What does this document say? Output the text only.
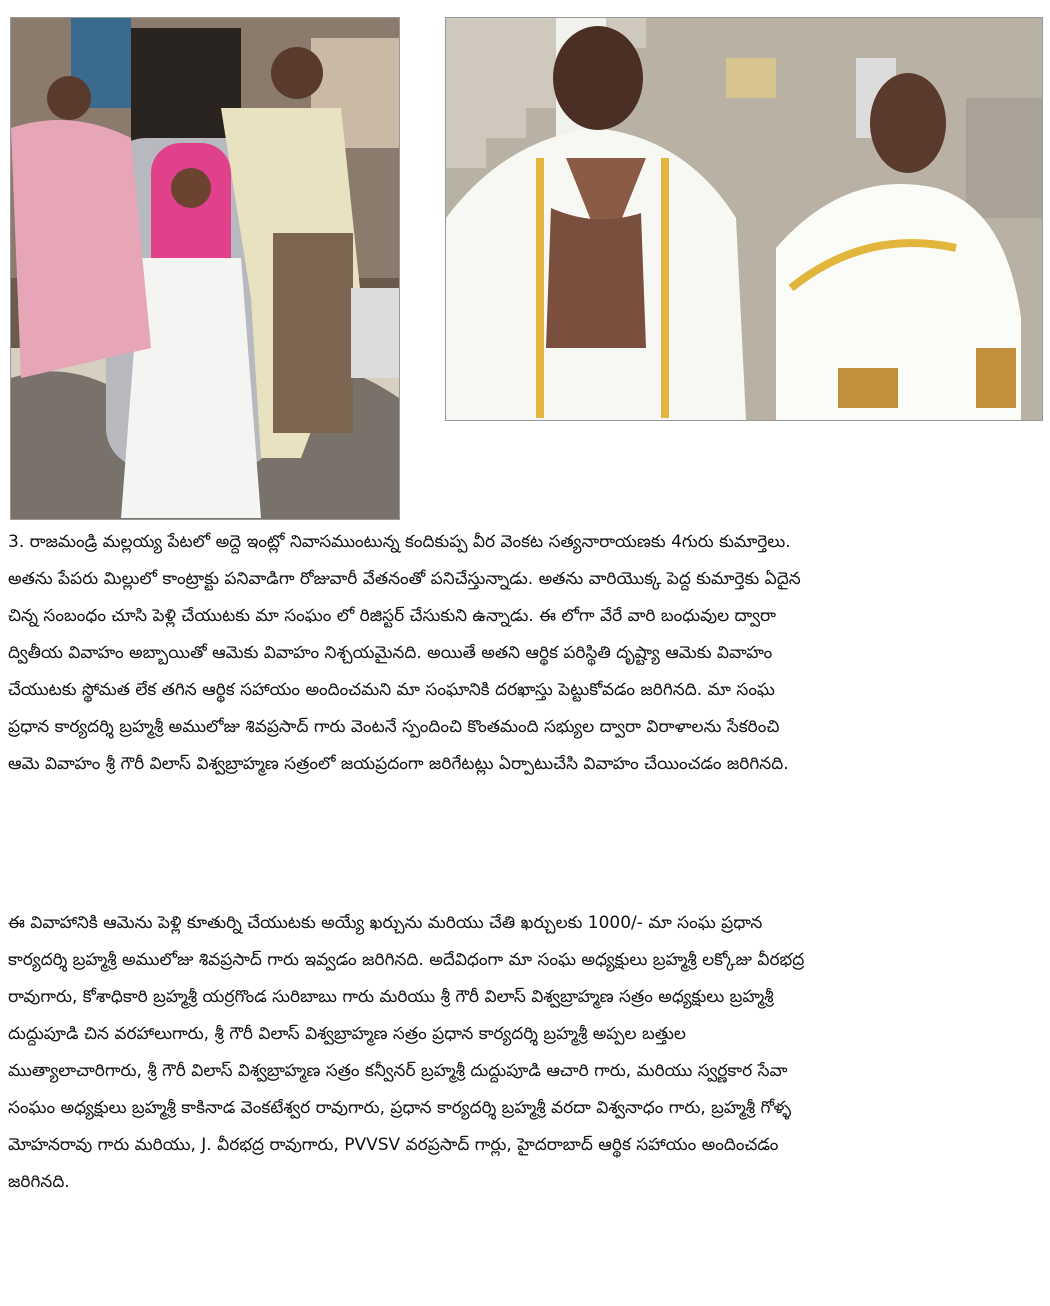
3. రాజమండ్రి మల్లయ్య పేటలో అద్దె ఇంట్లో నివాసముంటున్న కందికుప్ప వీర వెంకట సత్యనారాయణకు 4గురు కుమార్తెలు.
అతను పేపరు మిల్లులో కాంట్రాక్టు పనివాడిగా రోజువారీ వేతనంతో పనిచేస్తున్నాడు. అతను వారియొక్క పెద్ద కుమార్తెకు ఏదైన
చిన్న సంబంధం చూసి పెళ్లి చేయుటకు మా సంఘం లో రిజిస్టర్ చేసుకుని ఉన్నాడు. ఈ లోగా వేరే వారి బంధువుల ద్వారా
ద్వితీయ వివాహం అబ్బాయితో ఆమెకు వివాహం నిశ్చయమైనది. అయితే అతని ఆర్థిక పరిస్థితి దృష్ట్యా ఆమెకు వివాహం
చేయుటకు స్థోమత లేక తగిన ఆర్థిక సహాయం అందించమని మా సంఘానికి దరఖాస్తు పెట్టుకోవడం జరిగినది. మా సంఘ
ప్రధాన కార్యదర్శి బ్రహ్మశ్రీ అములోజు శివప్రసాద్ గారు వెంటనే స్పందించి కొంతమంది సభ్యుల ద్వారా విరాళాలను సేకరించి
ఆమె వివాహం శ్రీ గౌరీ విలాస్ విశ్వబ్రాహ్మణ సత్రంలో జయప్రదంగా జరిగేటట్లు ఏర్పాటుచేసి వివాహం చేయించడం జరిగినది.
ఈ వివాహానికి ఆమెను పెళ్లి కూతుర్ని చేయుటకు అయ్యే ఖర్చును మరియు చేతి ఖర్చులకు 1000/- మా సంఘ ప్రధాన
కార్యదర్శి బ్రహ్మశ్రీ అములోజు శివప్రసాద్ గారు ఇవ్వడం జరిగినది. అదేవిధంగా మా సంఘ అధ్యక్షులు బ్రహ్మశ్రీ లక్కోజు వీరభద్ర
రావుగారు, కోశాధికారి బ్రహ్మశ్రీ యర్రగొండ సురిబాబు గారు మరియు శ్రీ గౌరీ విలాస్ విశ్వబ్రాహ్మణ సత్రం అధ్యక్షులు బ్రహ్మశ్రీ
దుద్దుపూడి చిన వరహాలుగారు, శ్రీ గౌరీ విలాస్ విశ్వబ్రాహ్మణ సత్రం ప్రధాన కార్యదర్శి బ్రహ్మశ్రీ అప్పల బత్తుల
ముత్యాలాచారిగారు, శ్రీ గౌరీ విలాస్ విశ్వబ్రాహ్మణ సత్రం కన్వీనర్ బ్రహ్మశ్రీ దుద్దుపూడి ఆచారి గారు, మరియు స్వర్ణకార సేవా
సంఘం అధ్యక్షులు బ్రహ్మశ్రీ కాకినాడ వెంకటేశ్వర రావుగారు, ప్రధాన కార్యదర్శి బ్రహ్మశ్రీ వరదా విశ్వనాధం గారు, బ్రహ్మశ్రీ గోళ్ళ
మోహనరావు గారు మరియు, J. వీరభద్ర రావుగారు, PVVSV వరప్రసాద్ గార్లు, హైదరాబాద్ ఆర్థిక సహాయం అందించడం
జరిగినది.
